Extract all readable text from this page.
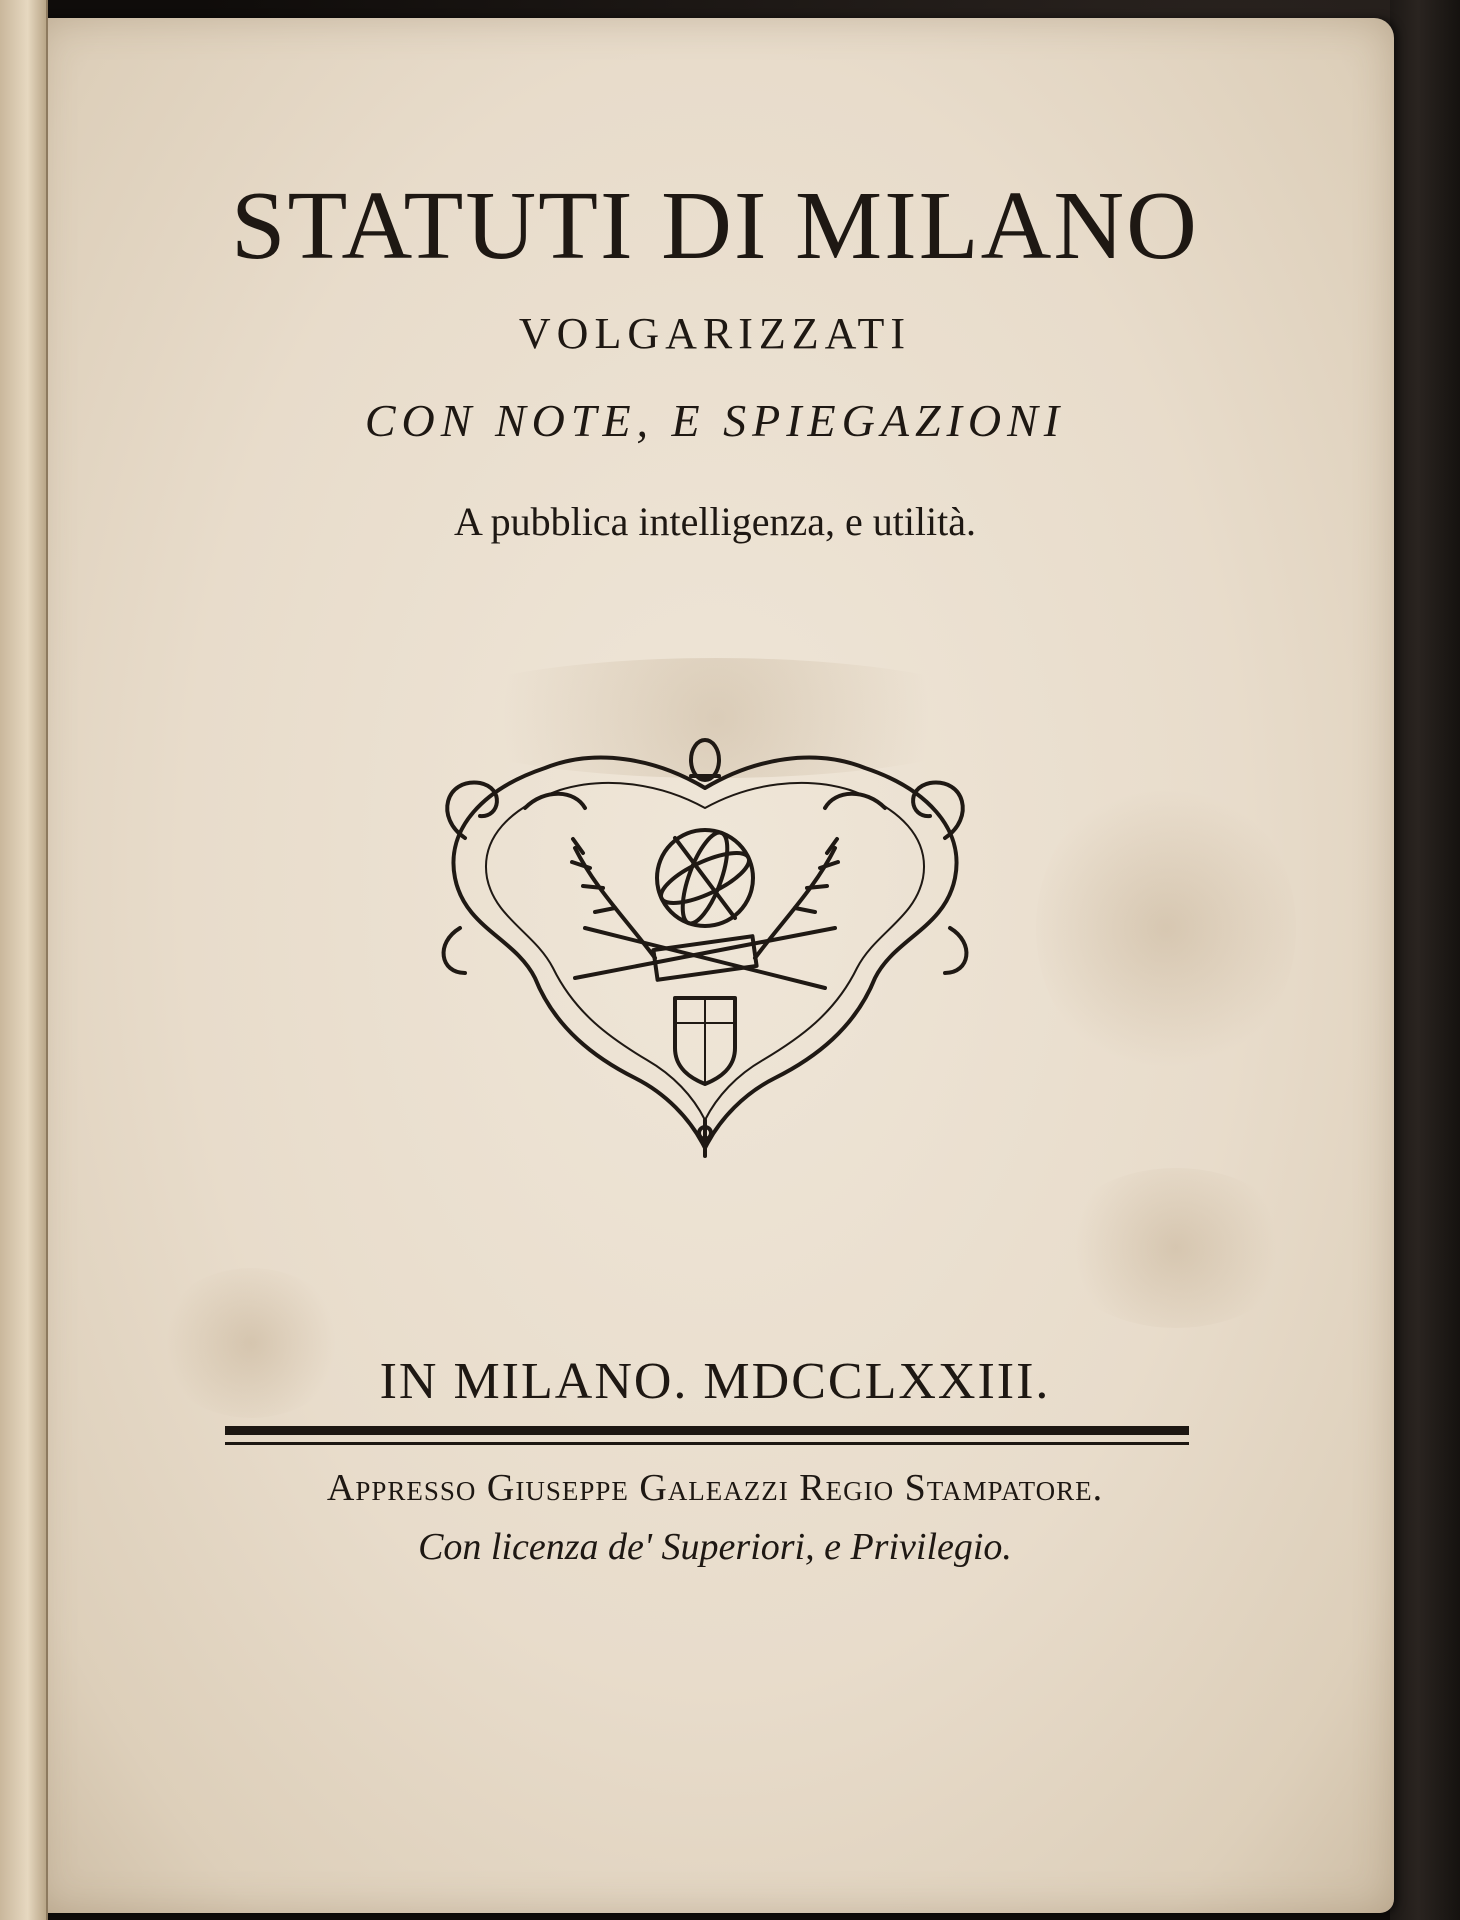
STATUTI DI MILANO
VOLGARIZZATI
CON NOTE, E SPIEGAZIONI
A pubblica intelligenza, e utilità.
IN MILANO. MDCCLXXIII.
Appresso Giuseppe Galeazzi Regio Stampatore.
Con licenza de' Superiori, e Privilegio.
